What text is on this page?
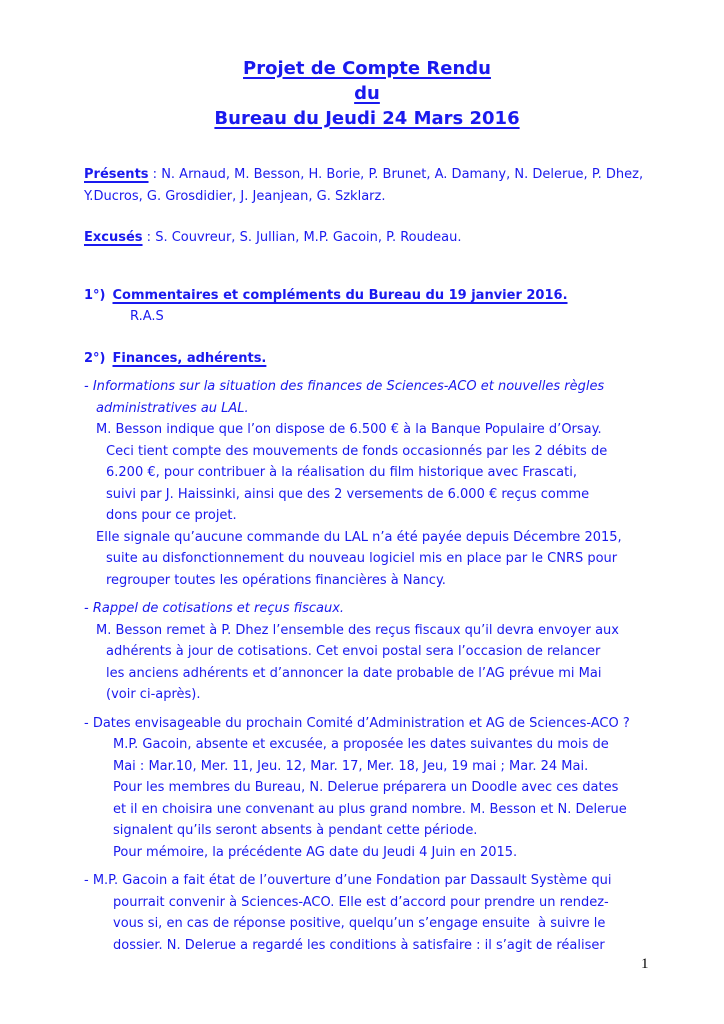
Projet de Compte Rendu
du
Bureau du Jeudi 24 Mars 2016
Présents : N. Arnaud, M. Besson, H. Borie, P. Brunet, A. Damany, N. Delerue, P. Dhez,
Y.Ducros, G. Grosdidier, J. Jeanjean, G. Szklarz.
Excusés : S. Couvreur, S. Jullian, M.P. Gacoin, P. Roudeau.
1°) Commentaires et compléments du Bureau du 19 janvier 2016.
R.A.S
2°) Finances, adhérents.
- Informations sur la situation des finances de Sciences-ACO et nouvelles règles
administratives au LAL.
M. Besson indique que l’on dispose de 6.500 € à la Banque Populaire d’Orsay.
Ceci tient compte des mouvements de fonds occasionnés par les 2 débits de
6.200 €, pour contribuer à la réalisation du film historique avec Frascati,
suivi par J. Haissinki, ainsi que des 2 versements de 6.000 € reçus comme
dons pour ce projet.
Elle signale qu’aucune commande du LAL n’a été payée depuis Décembre 2015,
suite au disfonctionnement du nouveau logiciel mis en place par le CNRS pour
regrouper toutes les opérations financières à Nancy.
- Rappel de cotisations et reçus fiscaux.
M. Besson remet à P. Dhez l’ensemble des reçus fiscaux qu’il devra envoyer aux
adhérents à jour de cotisations. Cet envoi postal sera l’occasion de relancer
les anciens adhérents et d’annoncer la date probable de l’AG prévue mi Mai
(voir ci-après).
- Dates envisageable du prochain Comité d’Administration et AG de Sciences-ACO ?
M.P. Gacoin, absente et excusée, a proposée les dates suivantes du mois de
Mai : Mar.10, Mer. 11, Jeu. 12, Mar. 17, Mer. 18, Jeu, 19 mai ; Mar. 24 Mai.
Pour les membres du Bureau, N. Delerue préparera un Doodle avec ces dates
et il en choisira une convenant au plus grand nombre. M. Besson et N. Delerue
signalent qu’ils seront absents à pendant cette période.
Pour mémoire, la précédente AG date du Jeudi 4 Juin en 2015.
- M.P. Gacoin a fait état de l’ouverture d’une Fondation par Dassault Système qui
pourrait convenir à Sciences-ACO. Elle est d’accord pour prendre un rendez-
vous si, en cas de réponse positive, quelqu’un s’engage ensuite  à suivre le
dossier. N. Delerue a regardé les conditions à satisfaire : il s’agit de réaliser
1
